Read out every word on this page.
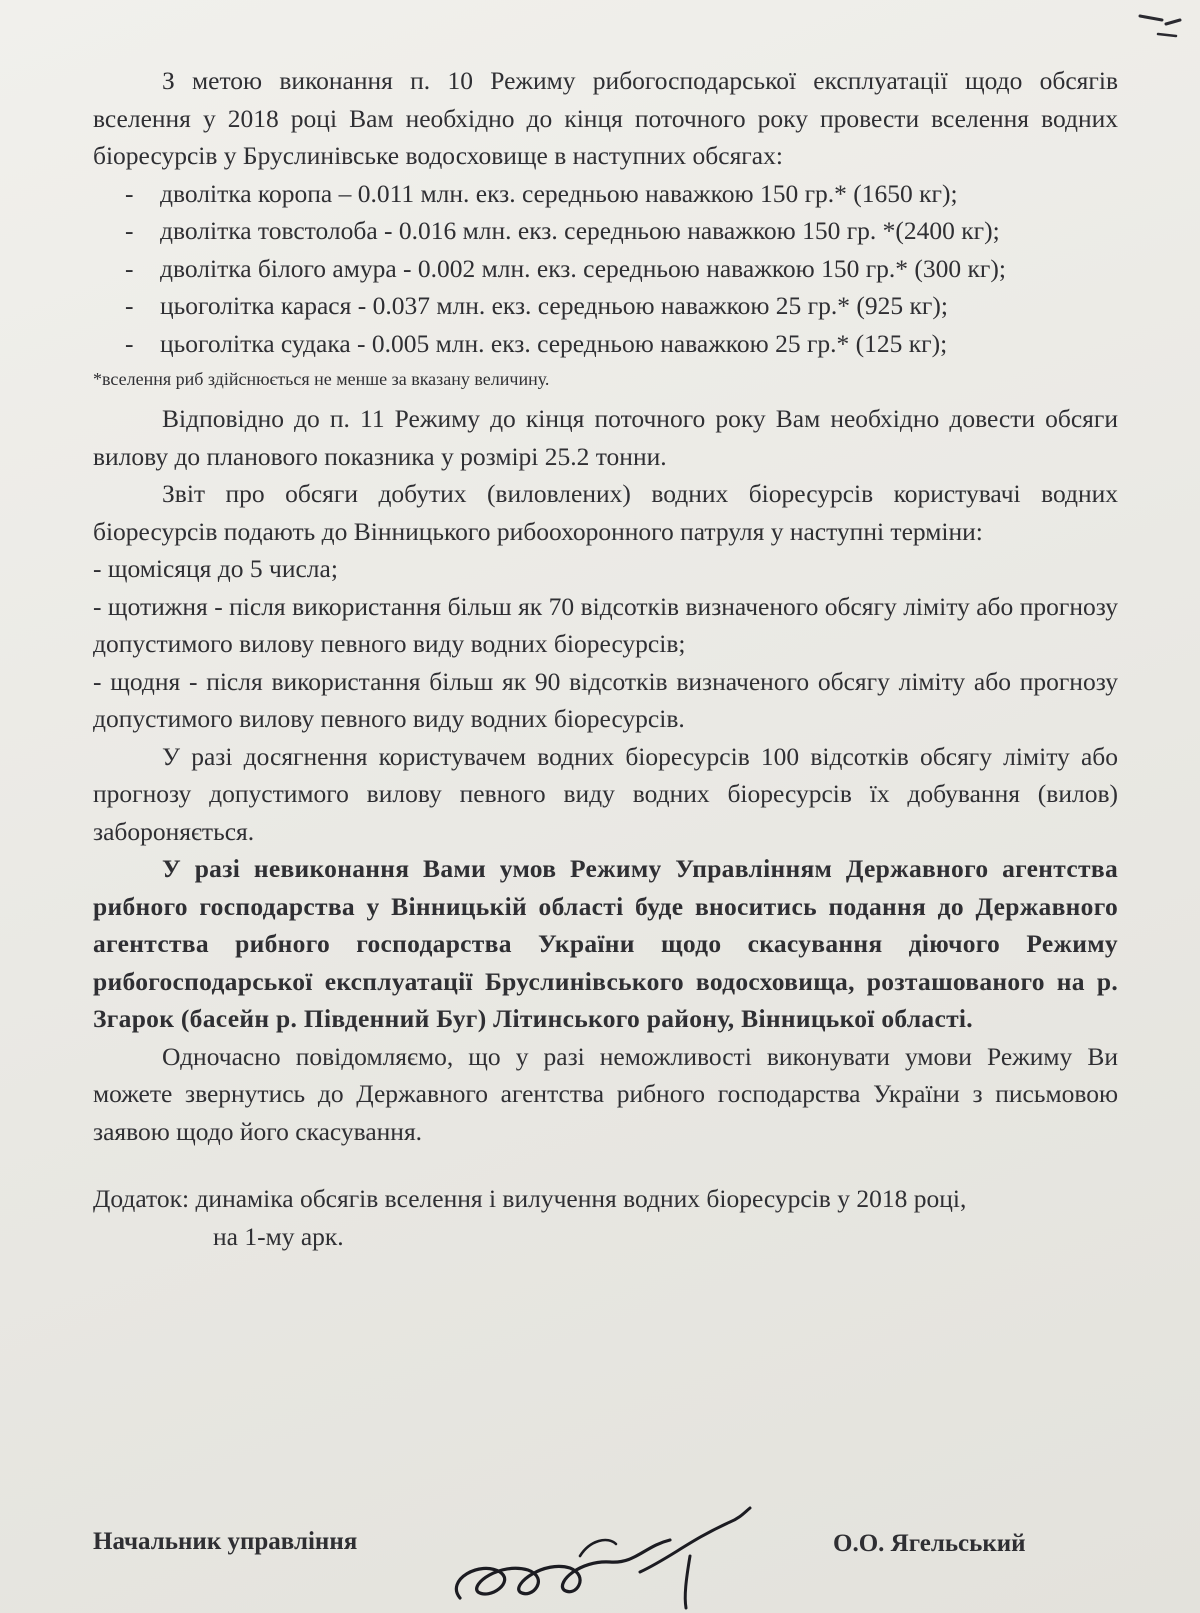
З метою виконання п. 10 Режиму рибогосподарської експлуатації щодо обсягів вселення у 2018 році Вам необхідно до кінця поточного року провести вселення водних біоресурсів у Бруслинівське водосховище в наступних обсягах:

- дволітка коропа – 0.011 млн. екз. середньою наважкою 150 гр.* (1650 кг);
- дволітка товстолоба - 0.016 млн. екз. середньою наважкою 150 гр. *(2400 кг);
- дволітка білого амура - 0.002 млн. екз. середньою наважкою 150 гр.* (300 кг);
- цьоголітка карася - 0.037 млн. екз. середньою наважкою 25 гр.* (925 кг);
- цьоголітка судака - 0.005 млн. екз. середньою наважкою 25 гр.* (125 кг);

*вселення риб здійснюється не менше за вказану величину.

Відповідно до п. 11 Режиму до кінця поточного року Вам необхідно довести обсяги вилову до планового показника у розмірі 25.2 тонни.

Звіт про обсяги добутих (виловлених) водних біоресурсів користувачі водних біоресурсів подають до Вінницького рибоохоронного патруля у наступні терміни:

- щомісяця до 5 числа;

- щотижня - після використання більш як 70 відсотків визначеного обсягу ліміту або прогнозу допустимого вилову певного виду водних біоресурсів;

- щодня - після використання більш як 90 відсотків визначеного обсягу ліміту або прогнозу допустимого вилову певного виду водних біоресурсів.

У разі досягнення користувачем водних біоресурсів 100 відсотків обсягу ліміту або прогнозу допустимого вилову певного виду водних біоресурсів їх добування (вилов) забороняється.

У разі невиконання Вами умов Режиму Управлінням Державного агентства рибного господарства у Вінницькій області буде вноситись подання до Державного агентства рибного господарства України щодо скасування діючого Режиму рибогосподарської експлуатації Бруслинівського водосховища, розташованого на р. Згарок (басейн р. Південний Буг) Літинського району, Вінницької області.

Одночасно повідомляємо, що у разі неможливості виконувати умови Режиму Ви можете звернутись до Державного агентства рибного господарства України з письмовою заявою щодо його скасування.

Додаток: динаміка обсягів вселення і вилучення водних біоресурсів у 2018 році,

на 1-му арк.

Начальник управління	О.О. Ягельський
